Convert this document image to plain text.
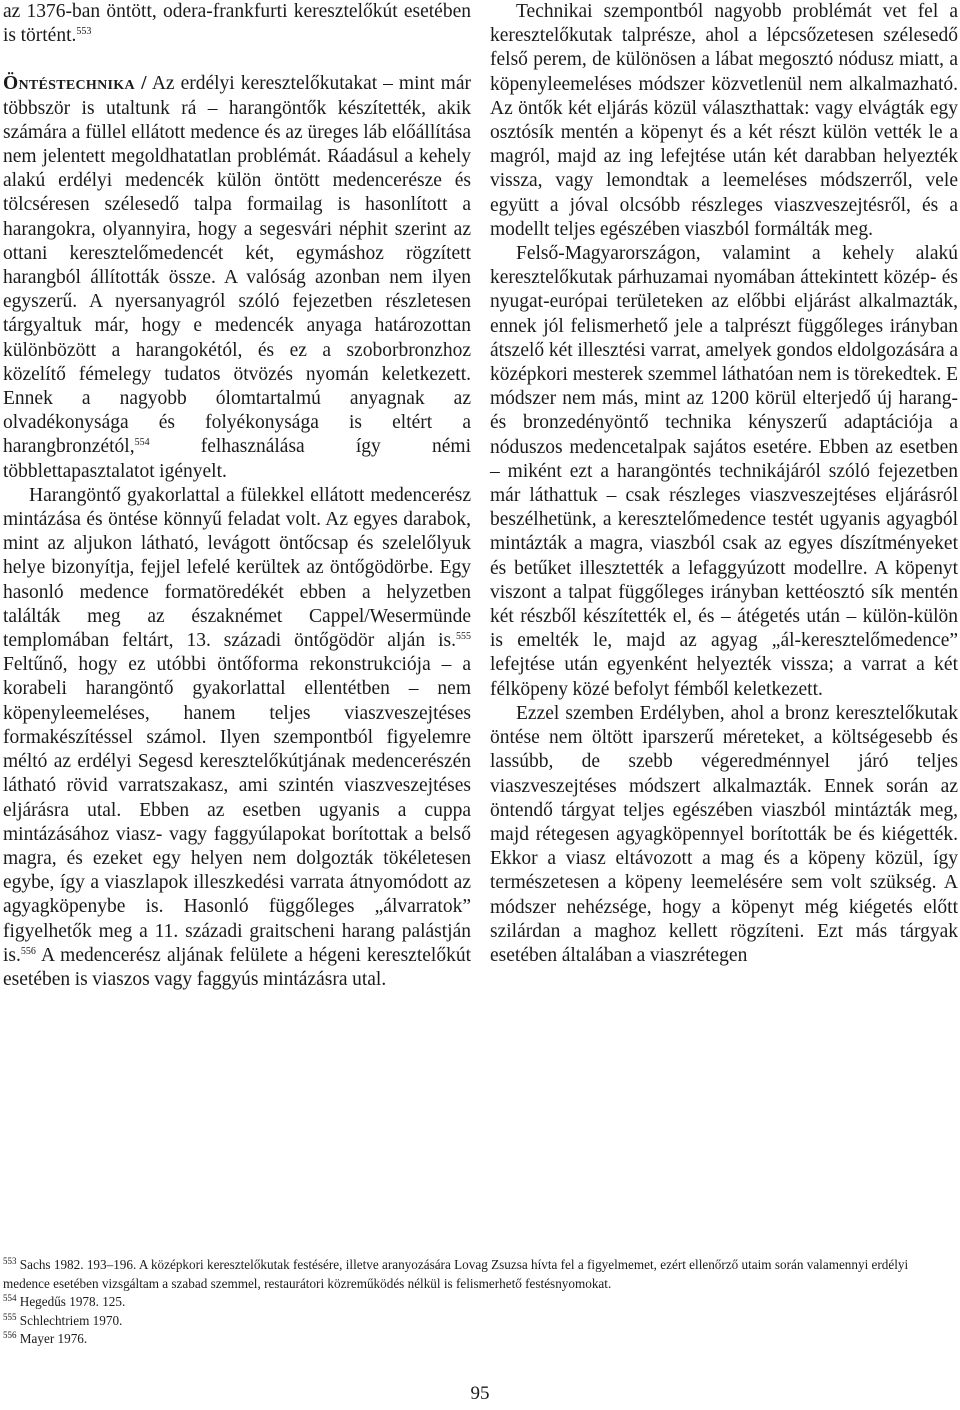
az 1376-ban öntött, odera-frankfurti keresztelőkút esetében is történt.$^{553}$

Öntéstechnika / Az erdélyi keresztelőkutakat – mint már többször is utaltunk rá – harangöntők készítették, akik számára a füllel ellátott medence és az üreges láb előállítása nem jelentett megoldhatatlan problémát. Ráadásul a kehely alakú erdélyi medencék külön öntött medencerésze és tölcséresen szélesedő talpa formailag is hasonlított a harangokra, olyannyira, hogy a segesvári néphit szerint az ottani keresztelőmedencét két, egymáshoz rögzített harangból állították össze. A valóság azonban nem ilyen egyszerű. A nyersanyagról szóló fejezetben részletesen tárgyaltuk már, hogy e medencék anyaga határozottan különbözött a harangokétól, és ez a szoborbronzhoz közelítő fémelegy tudatos ötvözés nyomán keletkezett. Ennek a nagyobb ólomtartalmú anyagnak az olvadékonysága és folyékonysága is eltért a harangbronzétól,$^{554}$ felhasználása így némi többlettapasztalatot igényelt.

Harangöntő gyakorlattal a fülekkel ellátott medencerész mintázása és öntése könnyű feladat volt. Az egyes darabok, mint az aljukon látható, levágott öntőcsap és szelelőlyuk helye bizonyítja, fejjel lefelé kerültek az öntőgödörbe. Egy hasonló medence formatöredékét ebben a helyzetben találták meg az északnémet Cappel/Wesermünde templomában feltárt, 13. századi öntőgödör alján is.$^{555}$ Feltűnő, hogy ez utóbbi öntőforma rekonstrukciója – a korabeli harangöntő gyakorlattal ellentétben – nem köpenyleemeléses, hanem teljes viaszveszejtéses formakészítéssel számol. Ilyen szempontból figyelemre méltó az erdélyi Segesd keresztelőkútjának medencerészén látható rövid varratszakasz, ami szintén viaszveszejtéses eljárásra utal. Ebben az esetben ugyanis a cuppa mintázásához viasz- vagy faggyúlapokat borítottak a belső magra, és ezeket egy helyen nem dolgozták tökéletesen egybe, így a viaszlapok illeszkedési varrata átnyomódott az agyagköpenybe is. Hasonló függőleges „álvarratok” figyelhetők meg a 11. századi graitscheni harang palástján is.$^{556}$ A medencerész aljának felülete a hégeni keresztelőkút esetében is viaszos vagy faggyús mintázásra utal.

Technikai szempontból nagyobb problémát vet fel a keresztelőkutak talprésze, ahol a lépcsőzetesen szélesedő felső perem, de különösen a lábat megosztó nódusz miatt, a köpenyleemeléses módszer közvetlenül nem alkalmazható. Az öntők két eljárás közül választhattak: vagy elvágták egy osztósík mentén a köpenyt és a két részt külön vették le a magról, majd az ing lefejtése után két darabban helyezték vissza, vagy lemondtak a leemeléses módszerről, vele együtt a jóval olcsóbb részleges viaszveszejtésről, és a modellt teljes egészében viaszból formálták meg.

Felső-Magyarországon, valamint a kehely alakú keresztelőkutak párhuzamai nyomában áttekintett közép- és nyugat-európai területeken az előbbi eljárást alkalmazták, ennek jól felismerhető jele a talprészt függőleges irányban átszelő két illesztési varrat, amelyek gondos eldolgozására a középkori mesterek szemmel láthatóan nem is törekedtek. E módszer nem más, mint az 1200 körül elterjedő új harang- és bronzedényöntő technika kényszerű adaptációja a nóduszos medencetalpak sajátos esetére. Ebben az esetben – miként ezt a harangöntés technikájáról szóló fejezetben már láthattuk – csak részleges viaszveszejtéses eljárásról beszélhetünk, a keresztelőmedence testét ugyanis agyagból mintázták a magra, viaszból csak az egyes díszítményeket és betűket illesztették a lefaggyúzott modellre. A köpenyt viszont a talpat függőleges irányban kettéosztó sík mentén két részből készítették el, és – átégetés után – külön-külön is emelték le, majd az agyag „ál-keresztelőmedence” lefejtése után egyenként helyezték vissza; a varrat a két félköpeny közé befolyt fémből keletkezett.

Ezzel szemben Erdélyben, ahol a bronz keresztelőkutak öntése nem öltött iparszerű méreteket, a költségesebb és lassúbb, de szebb végeredménnyel járó teljes viaszveszejtéses módszert alkalmazták. Ennek során az öntendő tárgyat teljes egészében viaszból mintázták meg, majd rétegesen agyagköpennyel borították be és kiégették. Ekkor a viasz eltávozott a mag és a köpeny közül, így természetesen a köpeny leemelésére sem volt szükség. A módszer nehézsége, hogy a köpenyt még kiégetés előtt szilárdan a maghoz kellett rögzíteni. Ezt más tárgyak esetében általában a viaszrétegen

$^{553}$ Sachs 1982. 193–196. A középkori keresztelőkutak festésére, illetve aranyozására Lovag Zsuzsa hívta fel a figyelmemet, ezért ellenőrző utaim során valamennyi erdélyi medence esetében vizsgáltam a szabad szemmel, restaurátori közreműködés nélkül is felismerhető festésnyomokat.

$^{554}$ Hegedűs 1978. 125.

$^{555}$ Schlechtriem 1970.

$^{556}$ Mayer 1976.

95
